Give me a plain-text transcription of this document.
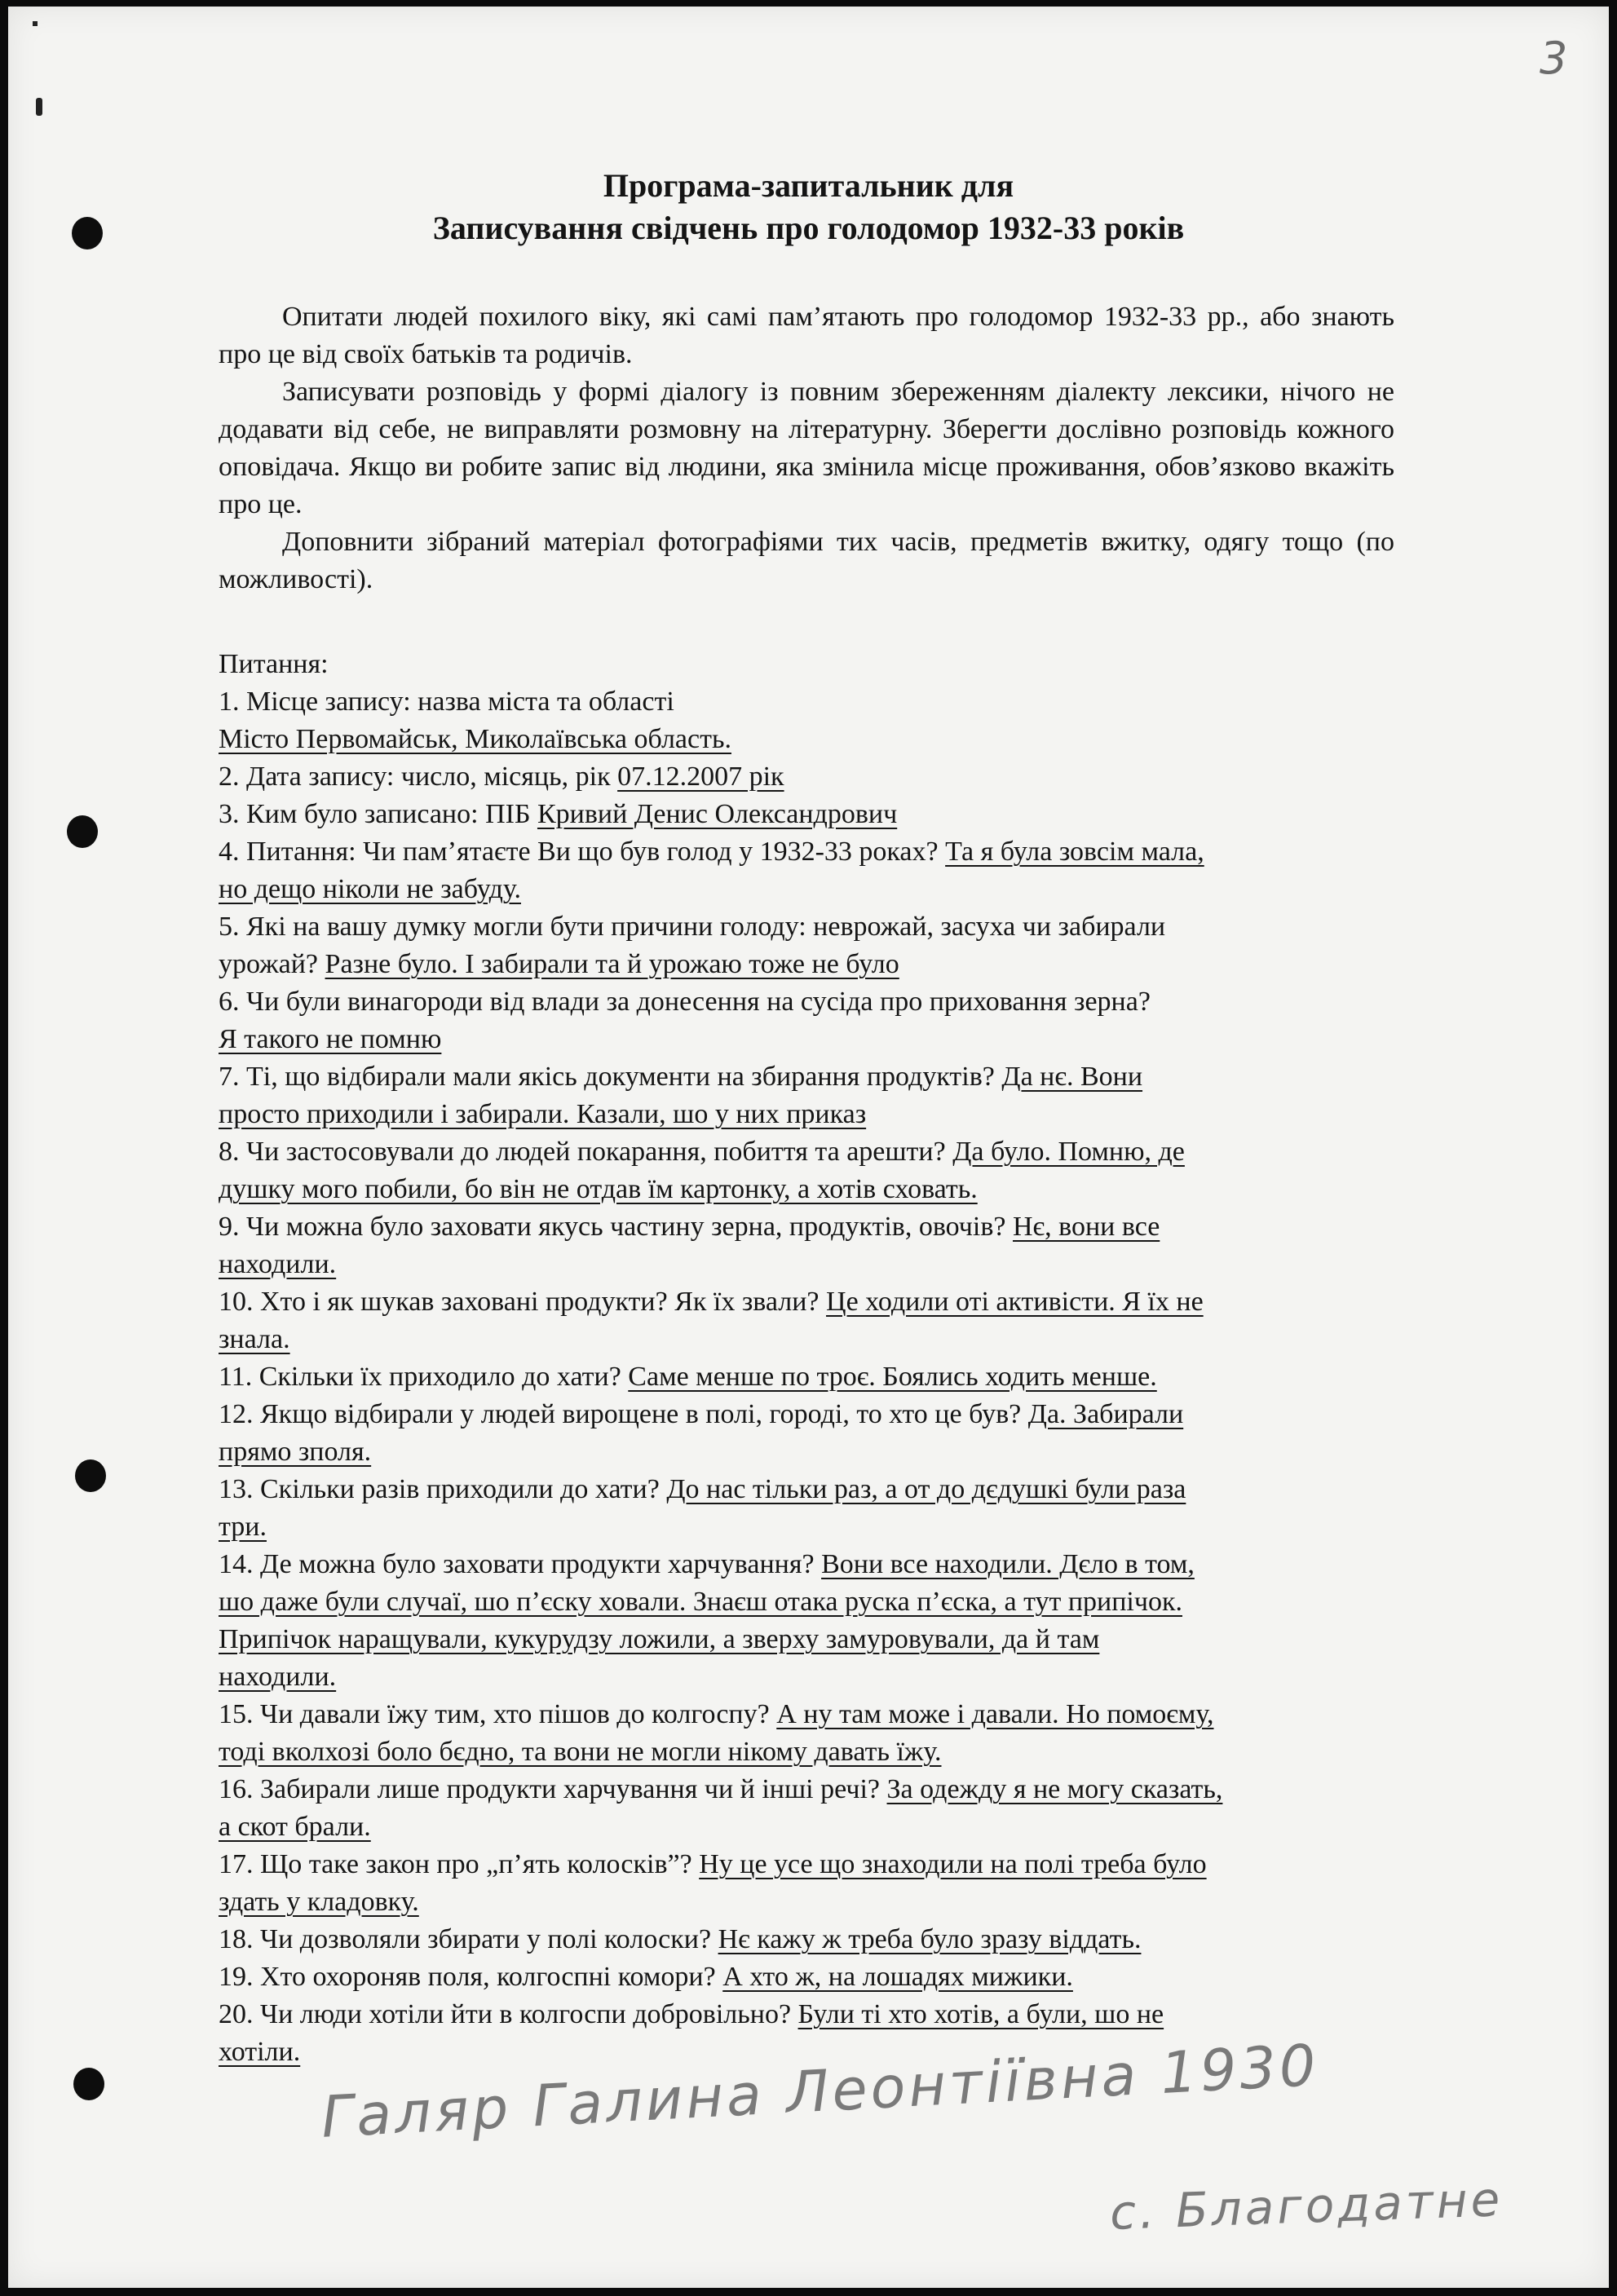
3
Програма-запитальник для
Записування свідчень про голодомор 1932-33 років

Опитати людей похилого віку, які самі пам’ятають про голодомор 1932-33 рр., або знають про це від своїх батьків та родичів.

Записувати розповідь у формі діалогу із повним збереженням діалекту лексики, нічого не додавати від себе, не виправляти розмовну на літературну. Зберегти дослівно розповідь кожного оповідача. Якщо ви робите запис від людини, яка змінила місце проживання, обов’язково вкажіть про це.

Доповнити зібраний матеріал фотографіями тих часів, предметів вжитку, одягу тощо (по можливості).

Питання:
1. Місце запису: назва міста та області
Місто Первомайськ, Миколаївська область.
2. Дата запису: число, місяць, рік 07.12.2007 рік
3. Ким було записано: ПІБ Кривий Денис Олександрович
4. Питання: Чи пам’ятаєте Ви що був голод у 1932-33 роках? Та я була зовсім мала,
но дещо ніколи не забуду.
5. Які на вашу думку могли бути причини голоду: неврожай, засуха чи забирали
урожай? Разне було. І забирали та й урожаю тоже не було
6. Чи були винагороди від влади за донесення на сусіда про приховання зерна?
Я такого не помню
7. Ті, що відбирали мали якісь документи на збирання продуктів? Да нє. Вони
просто приходили і забирали. Казали, шо у них приказ
8. Чи застосовували до людей покарання, побиття та арешти? Да було. Помню, де
душку мого побили, бо він не отдав їм картонку, а хотів сховать.
9. Чи можна було заховати якусь частину зерна, продуктів, овочів? Нє, вони все
находили.
10. Хто і як шукав заховані продукти? Як їх звали? Це ходили оті активісти. Я їх не
знала.
11. Скільки їх приходило до хати? Саме менше по троє. Боялись ходить менше.
12. Якщо відбирали у людей вирощене в полі, городі, то хто це був? Да. Забирали
прямо зполя.
13. Скільки разів приходили до хати? До нас тільки раз, а от до дєдушкі були раза
три.
14. Де можна було заховати продукти харчування? Вони все находили. Дєло в том,
шо даже були случаї, шо п’єску ховали. Знаєш отака руска п’єска, а тут припічок.
Припічок наращували, кукурудзу ложили, а зверху замуровували, да й там
находили.
15. Чи давали їжу тим, хто пішов до колгоспу? А ну там може і давали. Но помоєму,
тоді вколхозі боло бєдно, та вони не могли нікому давать їжу.
16. Забирали лише продукти харчування чи й інші речі? За одежду я не могу сказать,
а скот брали.
17. Що таке закон про „п’ять колосків”? Ну це усе що знаходили на полі треба було
здать у кладовку.
18. Чи дозволяли збирати у полі колоски? Нє кажу ж треба було зразу віддать.
19. Хто охороняв поля, колгоспні комори? А хто ж, на лошадях мижики.
20. Чи люди хотіли йти в колгоспи добровільно? Були ті хто хотів, а були, шо не
хотіли. Галяр Галина Леонтіївна 1930
с. Благодатне
